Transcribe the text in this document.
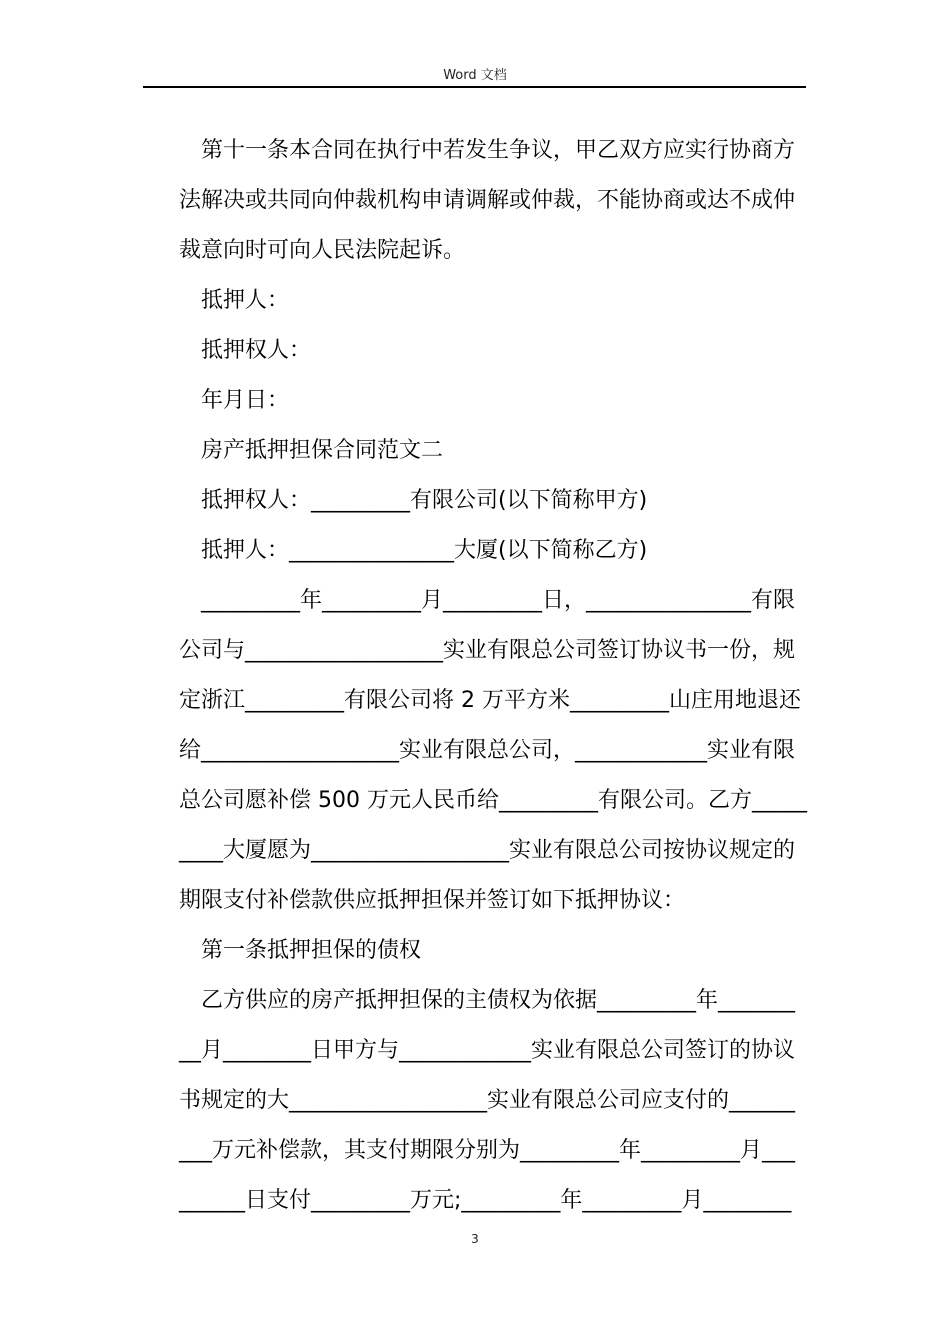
Word 文档
　第十一条本合同在执行中若发生争议，甲乙双方应实行协商方
法解决或共同向仲裁机构申请调解或仲裁，不能协商或达不成仲
裁意向时可向人民法院起诉。
　抵押人：
　抵押权人：
　年月日：
　房产抵押担保合同范文二
　抵押权人：_________有限公司(以下简称甲方)
　抵押人：_______________大厦(以下简称乙方)
　_________年_________月_________日，_______________有限
公司与__________________实业有限总公司签订协议书一份，规
定浙江_________有限公司将 2 万平方米_________山庄用地退还
给__________________实业有限总公司，____________实业有限
总公司愿补偿 500 万元人民币给_________有限公司。乙方_____
____大厦愿为__________________实业有限总公司按协议规定的
期限支付补偿款供应抵押担保并签订如下抵押协议：
　第一条抵押担保的债权
　乙方供应的房产抵押担保的主债权为依据_________年_______
__月________日甲方与____________实业有限总公司签订的协议
书规定的大__________________实业有限总公司应支付的______
___万元补偿款，其支付期限分别为_________年_________月___
______日支付_________万元;_________年_________月________
3
